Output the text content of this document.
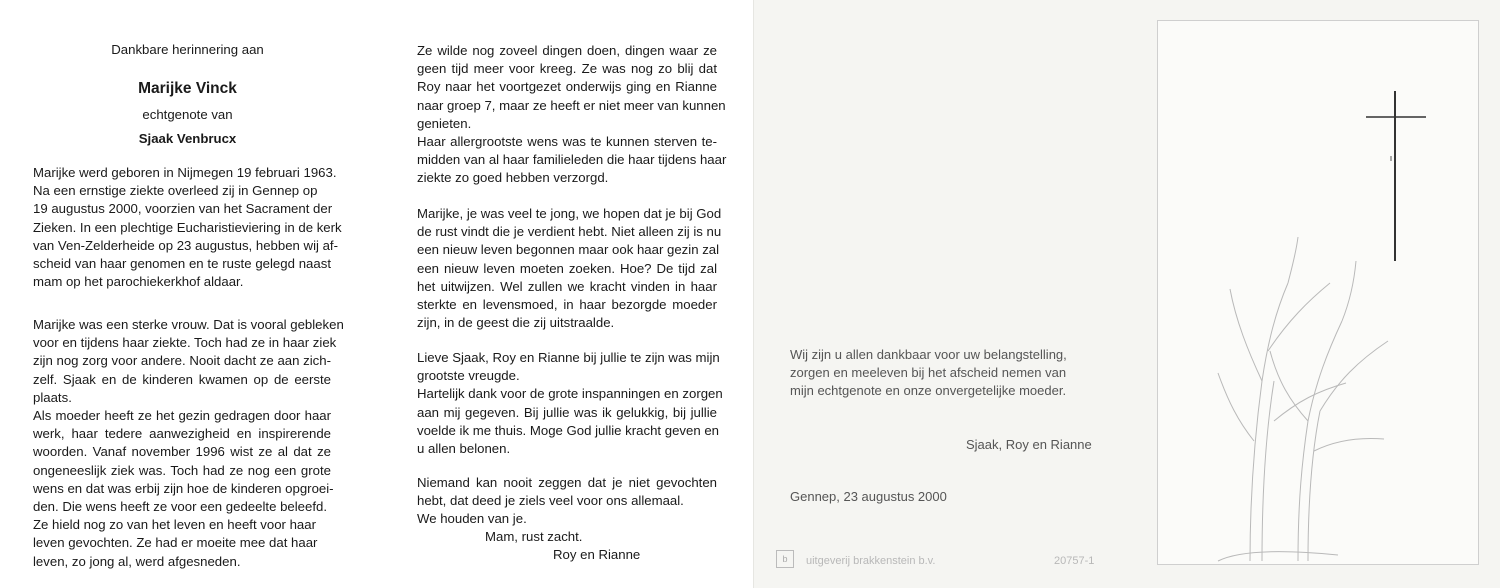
Dankbare herinnering aan

Marijke Vinck

echtgenote van

Sjaak Venbrucx

Marijke werd geboren in Nijmegen 19 februari 1963.
Na een ernstige ziekte overleed zij in Gennep op
19 augustus 2000, voorzien van het Sacrament der
Zieken. In een plechtige Eucharistieviering in de kerk
van Ven-Zelderheide op 23 augustus, hebben wij af-
scheid van haar genomen en te ruste gelegd naast
mam op het parochiekerkhof aldaar.
Marijke was een sterke vrouw. Dat is vooral gebleken
voor en tijdens haar ziekte. Toch had ze in haar ziek
zijn nog zorg voor andere. Nooit dacht ze aan zich-
zelf. Sjaak en de kinderen kwamen op de eerste
plaats.
Als moeder heeft ze het gezin gedragen door haar
werk, haar tedere aanwezigheid en inspirerende
woorden. Vanaf november 1996 wist ze al dat ze
ongeneeslijk ziek was. Toch had ze nog een grote
wens en dat was erbij zijn hoe de kinderen opgroei-
den. Die wens heeft ze voor een gedeelte beleefd.
Ze hield nog zo van het leven en heeft voor haar
leven gevochten. Ze had er moeite mee dat haar
leven, zo jong al, werd afgesneden.
Ze wilde nog zoveel dingen doen, dingen waar ze
geen tijd meer voor kreeg. Ze was nog zo blij dat
Roy naar het voortgezet onderwijs ging en Rianne
naar groep 7, maar ze heeft er niet meer van kunnen
genieten.
Haar allergrootste wens was te kunnen sterven te-
midden van al haar familieleden die haar tijdens haar
ziekte zo goed hebben verzorgd.
Marijke, je was veel te jong, we hopen dat je bij God
de rust vindt die je verdient hebt. Niet alleen zij is nu
een nieuw leven begonnen maar ook haar gezin zal
een nieuw leven moeten zoeken. Hoe? De tijd zal
het uitwijzen. Wel zullen we kracht vinden in haar
sterkte en levensmoed, in haar bezorgde moeder
zijn, in de geest die zij uitstraalde.
Lieve Sjaak, Roy en Rianne bij jullie te zijn was mijn
grootste vreugde.
Hartelijk dank voor de grote inspanningen en zorgen
aan mij gegeven. Bij jullie was ik gelukkig, bij jullie
voelde ik me thuis. Moge God jullie kracht geven en
u allen belonen.
Niemand kan nooit zeggen dat je niet gevochten
hebt, dat deed je ziels veel voor ons allemaal.
We houden van je.

Mam, rust zacht.

Roy en Rianne

Wij zijn u allen dankbaar voor uw belangstelling,
zorgen en meeleven bij het afscheid nemen van
mijn echtgenote en onze onvergetelijke moeder.

Sjaak, Roy en Rianne

Gennep, 23 augustus 2000

b	uitgeverij brakkenstein b.v.	20757-1
